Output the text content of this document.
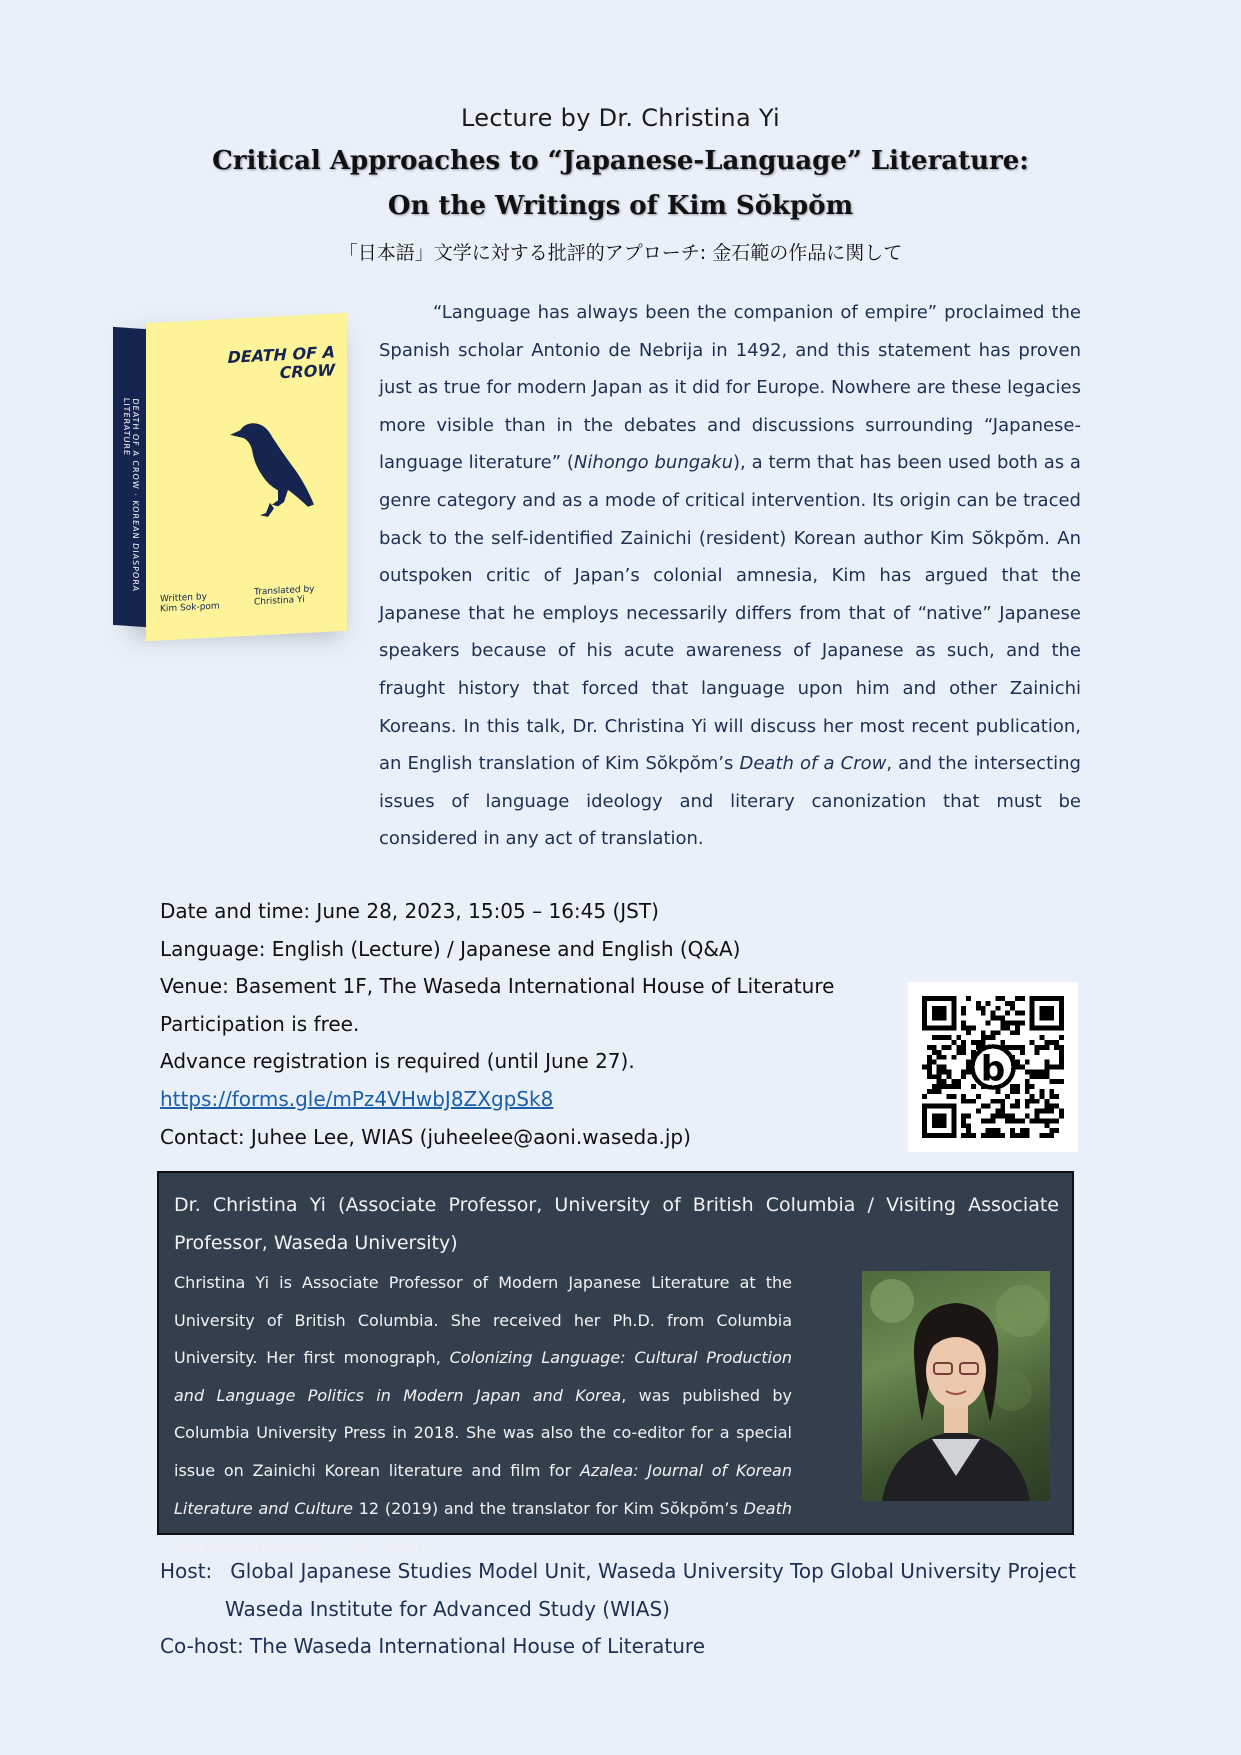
Lecture by Dr. Christina Yi
Critical Approaches to “Japanese-Language” Literature:
On the Writings of Kim Sŏkpŏm
「日本語」文学に対する批評的アプローチ: 金石範の作品に関して
DEATH OF A CROW · KOREAN DIASPORA LITERATURE
DEATH OF A CROW
Written by
Kim Sok-pom
Translated by
Christina Yi

“Language has always been the companion of empire” proclaimed the Spanish scholar Antonio de Nebrija in 1492, and this statement has proven just as true for modern Japan as it did for Europe. Nowhere are these legacies more visible than in the debates and discussions surrounding “Japanese-language literature” (Nihongo bungaku), a term that has been used both as a genre category and as a mode of critical intervention. Its origin can be traced back to the self-identified Zainichi (resident) Korean author Kim Sŏkpŏm. An outspoken critic of Japan’s colonial amnesia, Kim has argued that the Japanese that he employs necessarily differs from that of “native” Japanese speakers because of his acute awareness of Japanese as such, and the fraught history that forced that language upon him and other Zainichi Koreans. In this talk, Dr. Christina Yi will discuss her most recent publication, an English translation of Kim Sŏkpŏm’s Death of a Crow, and the intersecting issues of language ideology and literary canonization that must be considered in any act of translation.

Date and time: June 28, 2023, 15:05 – 16:45 (JST)
Language: English (Lecture) / Japanese and English (Q&A)
Venue: Basement 1F, The Waseda International House of Literature
Participation is free.
Advance registration is required (until June 27).
https://forms.gle/mPz4VHwbJ8ZXgpSk8
Contact: Juhee Lee, WIAS (juheelee@aoni.waseda.jp)
b
Dr. Christina Yi (Associate Professor, University of British Columbia / Visiting Associate Professor, Waseda University)

Christina Yi is Associate Professor of Modern Japanese Literature at the University of British Columbia. She received her Ph.D. from Columbia University. Her first monograph, Colonizing Language: Cultural Production and Language Politics in Modern Japan and Korea, was published by Columbia University Press in 2018. She was also the co-editor for a special issue on Zainichi Korean literature and film for Azalea: Journal of Korean Literature and Culture 12 (2019) and the translator for Kim Sŏkpŏm’s Death of a Crow (Karasu no shi, 2022).

Host: Global Japanese Studies Model Unit, Waseda University Top Global University Project
Waseda Institute for Advanced Study (WIAS)
Co-host: The Waseda International House of Literature
